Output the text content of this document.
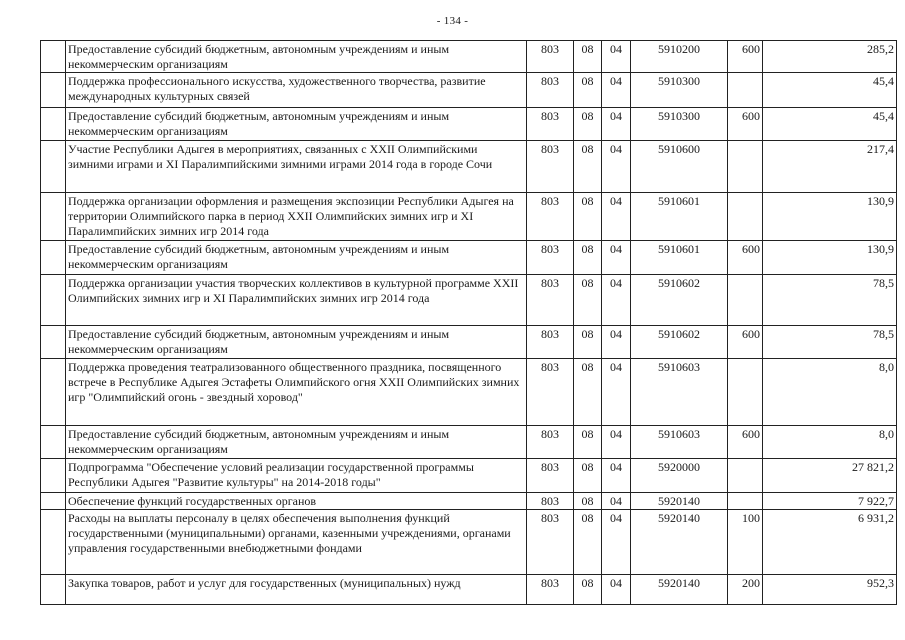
- 134 -
	Предоставление субсидий бюджетным, автономным учреждениям и иным некоммерческим организациям	803	08	04	5910200	600	285,2
	Поддержка профессионального искусства, художественного творчества, развитие международных культурных связей	803	08	04	5910300		45,4
	Предоставление субсидий бюджетным, автономным учреждениям и иным некоммерческим организациям	803	08	04	5910300	600	45,4
	Участие Республики Адыгея в мероприятиях, связанных с XXII Олимпийскими зимними играми и XI Паралимпийскими зимними играми 2014 года в городе Сочи	803	08	04	5910600		217,4
	Поддержка организации оформления и размещения экспозиции Республики Адыгея на территории Олимпийского парка в период XXII Олимпийских зимних игр и XI Паралимпийских зимних игр 2014 года	803	08	04	5910601		130,9
	Предоставление субсидий бюджетным, автономным учреждениям и иным некоммерческим организациям	803	08	04	5910601	600	130,9
	Поддержка организации участия творческих коллективов в культурной программе XXII Олимпийских зимних игр и XI Паралимпийских зимних игр 2014 года	803	08	04	5910602		78,5
	Предоставление субсидий бюджетным, автономным учреждениям и иным некоммерческим организациям	803	08	04	5910602	600	78,5
	Поддержка проведения театрализованного общественного праздника, посвященного встрече в Республике Адыгея Эстафеты Олимпийского огня XXII Олимпийских зимних игр "Олимпийский огонь - звездный хоровод"	803	08	04	5910603		8,0
	Предоставление субсидий бюджетным, автономным учреждениям и иным некоммерческим организациям	803	08	04	5910603	600	8,0
	Подпрограмма "Обеспечение условий реализации государственной программы Республики Адыгея "Развитие культуры" на 2014-2018 годы"	803	08	04	5920000		27 821,2
	Обеспечение функций государственных органов	803	08	04	5920140		7 922,7
	Расходы на выплаты персоналу в целях обеспечения выполнения функций государственными (муниципальными) органами, казенными учреждениями, органами управления государственными внебюджетными фондами	803	08	04	5920140	100	6 931,2
	Закупка товаров, работ и услуг для государственных (муниципальных) нужд	803	08	04	5920140	200	952,3
